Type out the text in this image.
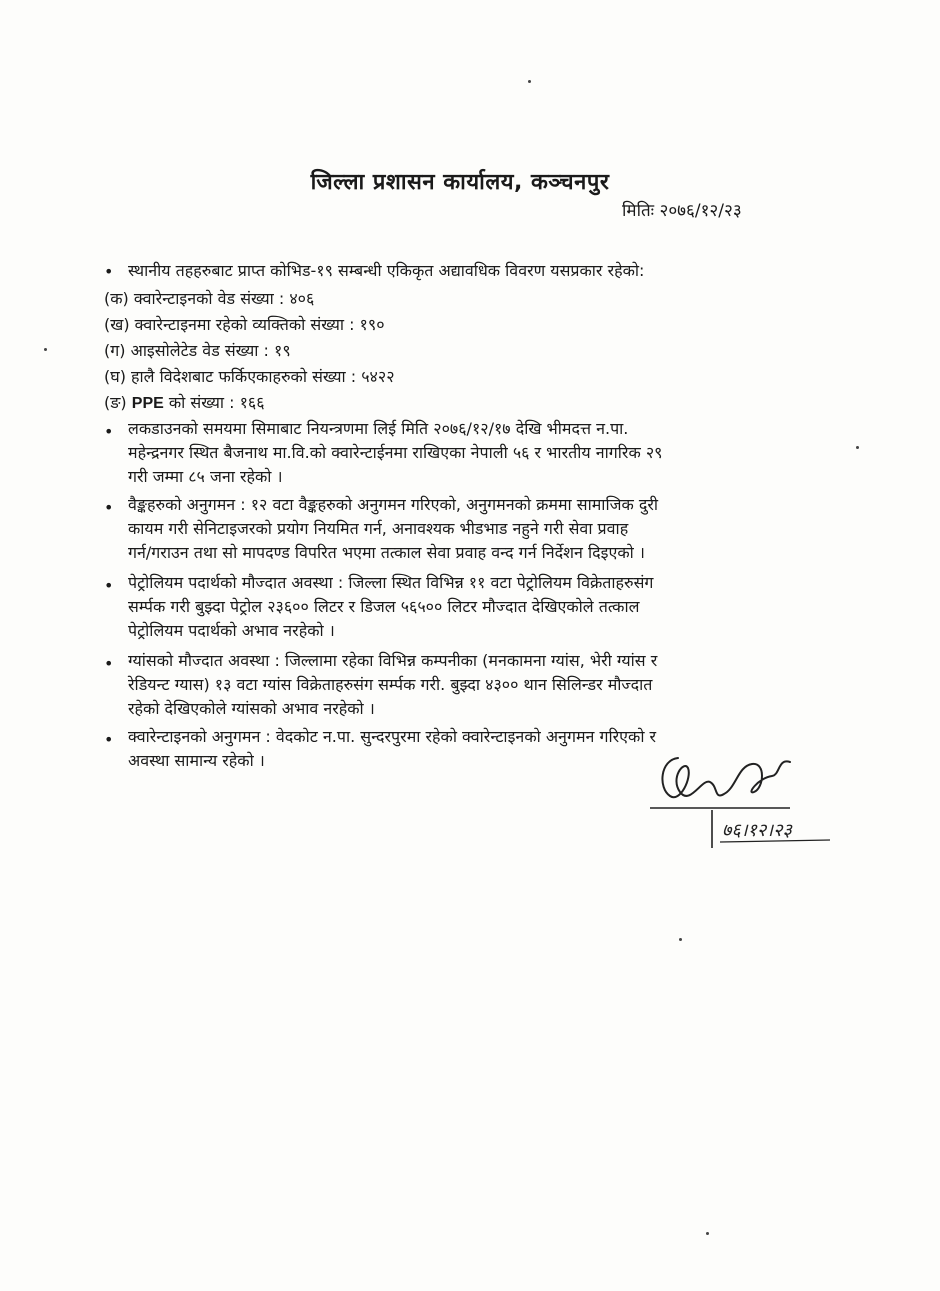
जिल्ला प्रशासन कार्यालय, कञ्चनपुर
मितिः २०७६/१२/२३
• स्थानीय तहहरुबाट प्राप्त कोभिड-१९ सम्बन्धी एकिकृत अद्यावधिक विवरण यसप्रकार रहेको:
(क) क्वारेन्टाइनको वेड संख्या : ४०६
(ख) क्वारेन्टाइनमा रहेको व्यक्तिको संख्या : १९०
(ग) आइसोलेटेड वेड संख्या : १९
(घ) हालै विदेशबाट फर्किएकाहरुको संख्या : ५४२२
(ङ) PPE को संख्या : १६६
• लकडाउनको समयमा सिमाबाट नियन्त्रणमा लिई मिति २०७६/१२/१७ देखि भीमदत्त न.पा.
महेन्द्रनगर स्थित बैजनाथ मा.वि.को क्वारेन्टाईनमा राखिएका नेपाली ५६ र भारतीय नागरिक २९
गरी जम्मा ८५ जना रहेको ।
• वैङ्कहरुको अनुगमन : १२ वटा वैङ्कहरुको अनुगमन गरिएको, अनुगमनको क्रममा सामाजिक दुरी
कायम गरी सेनिटाइजरको प्रयोग नियमित गर्न, अनावश्यक भीडभाड नहुने गरी सेवा प्रवाह
गर्न/गराउन तथा सो मापदण्ड विपरित भएमा तत्काल सेवा प्रवाह वन्द गर्न निर्देशन दिइएको ।
• पेट्रोलियम पदार्थको मौज्दात अवस्था : जिल्ला स्थित विभिन्न ११ वटा पेट्रोलियम विक्रेताहरुसंग
सर्म्पक गरी बुझ्दा पेट्रोल २३६०० लिटर र डिजल ५६५०० लिटर मौज्दात देखिएकोले तत्काल
पेट्रोलियम पदार्थको अभाव नरहेको ।
• ग्यांसको मौज्दात अवस्था : जिल्लामा रहेका विभिन्न कम्पनीका (मनकामना ग्यांस, भेरी ग्यांस र
रेडियन्ट ग्यास) १३ वटा ग्यांस विक्रेताहरुसंग सर्म्पक गरी. बुझ्दा ४३०० थान सिलिन्डर मौज्दात
रहेको देखिएकोले ग्यांसको अभाव नरहेको ।
• क्वारेन्टाइनको अनुगमन : वेदकोट न.पा. सुन्दरपुरमा रहेको क्वारेन्टाइनको अनुगमन गरिएको र
अवस्था सामान्य रहेको ।
७६।१२।२३
